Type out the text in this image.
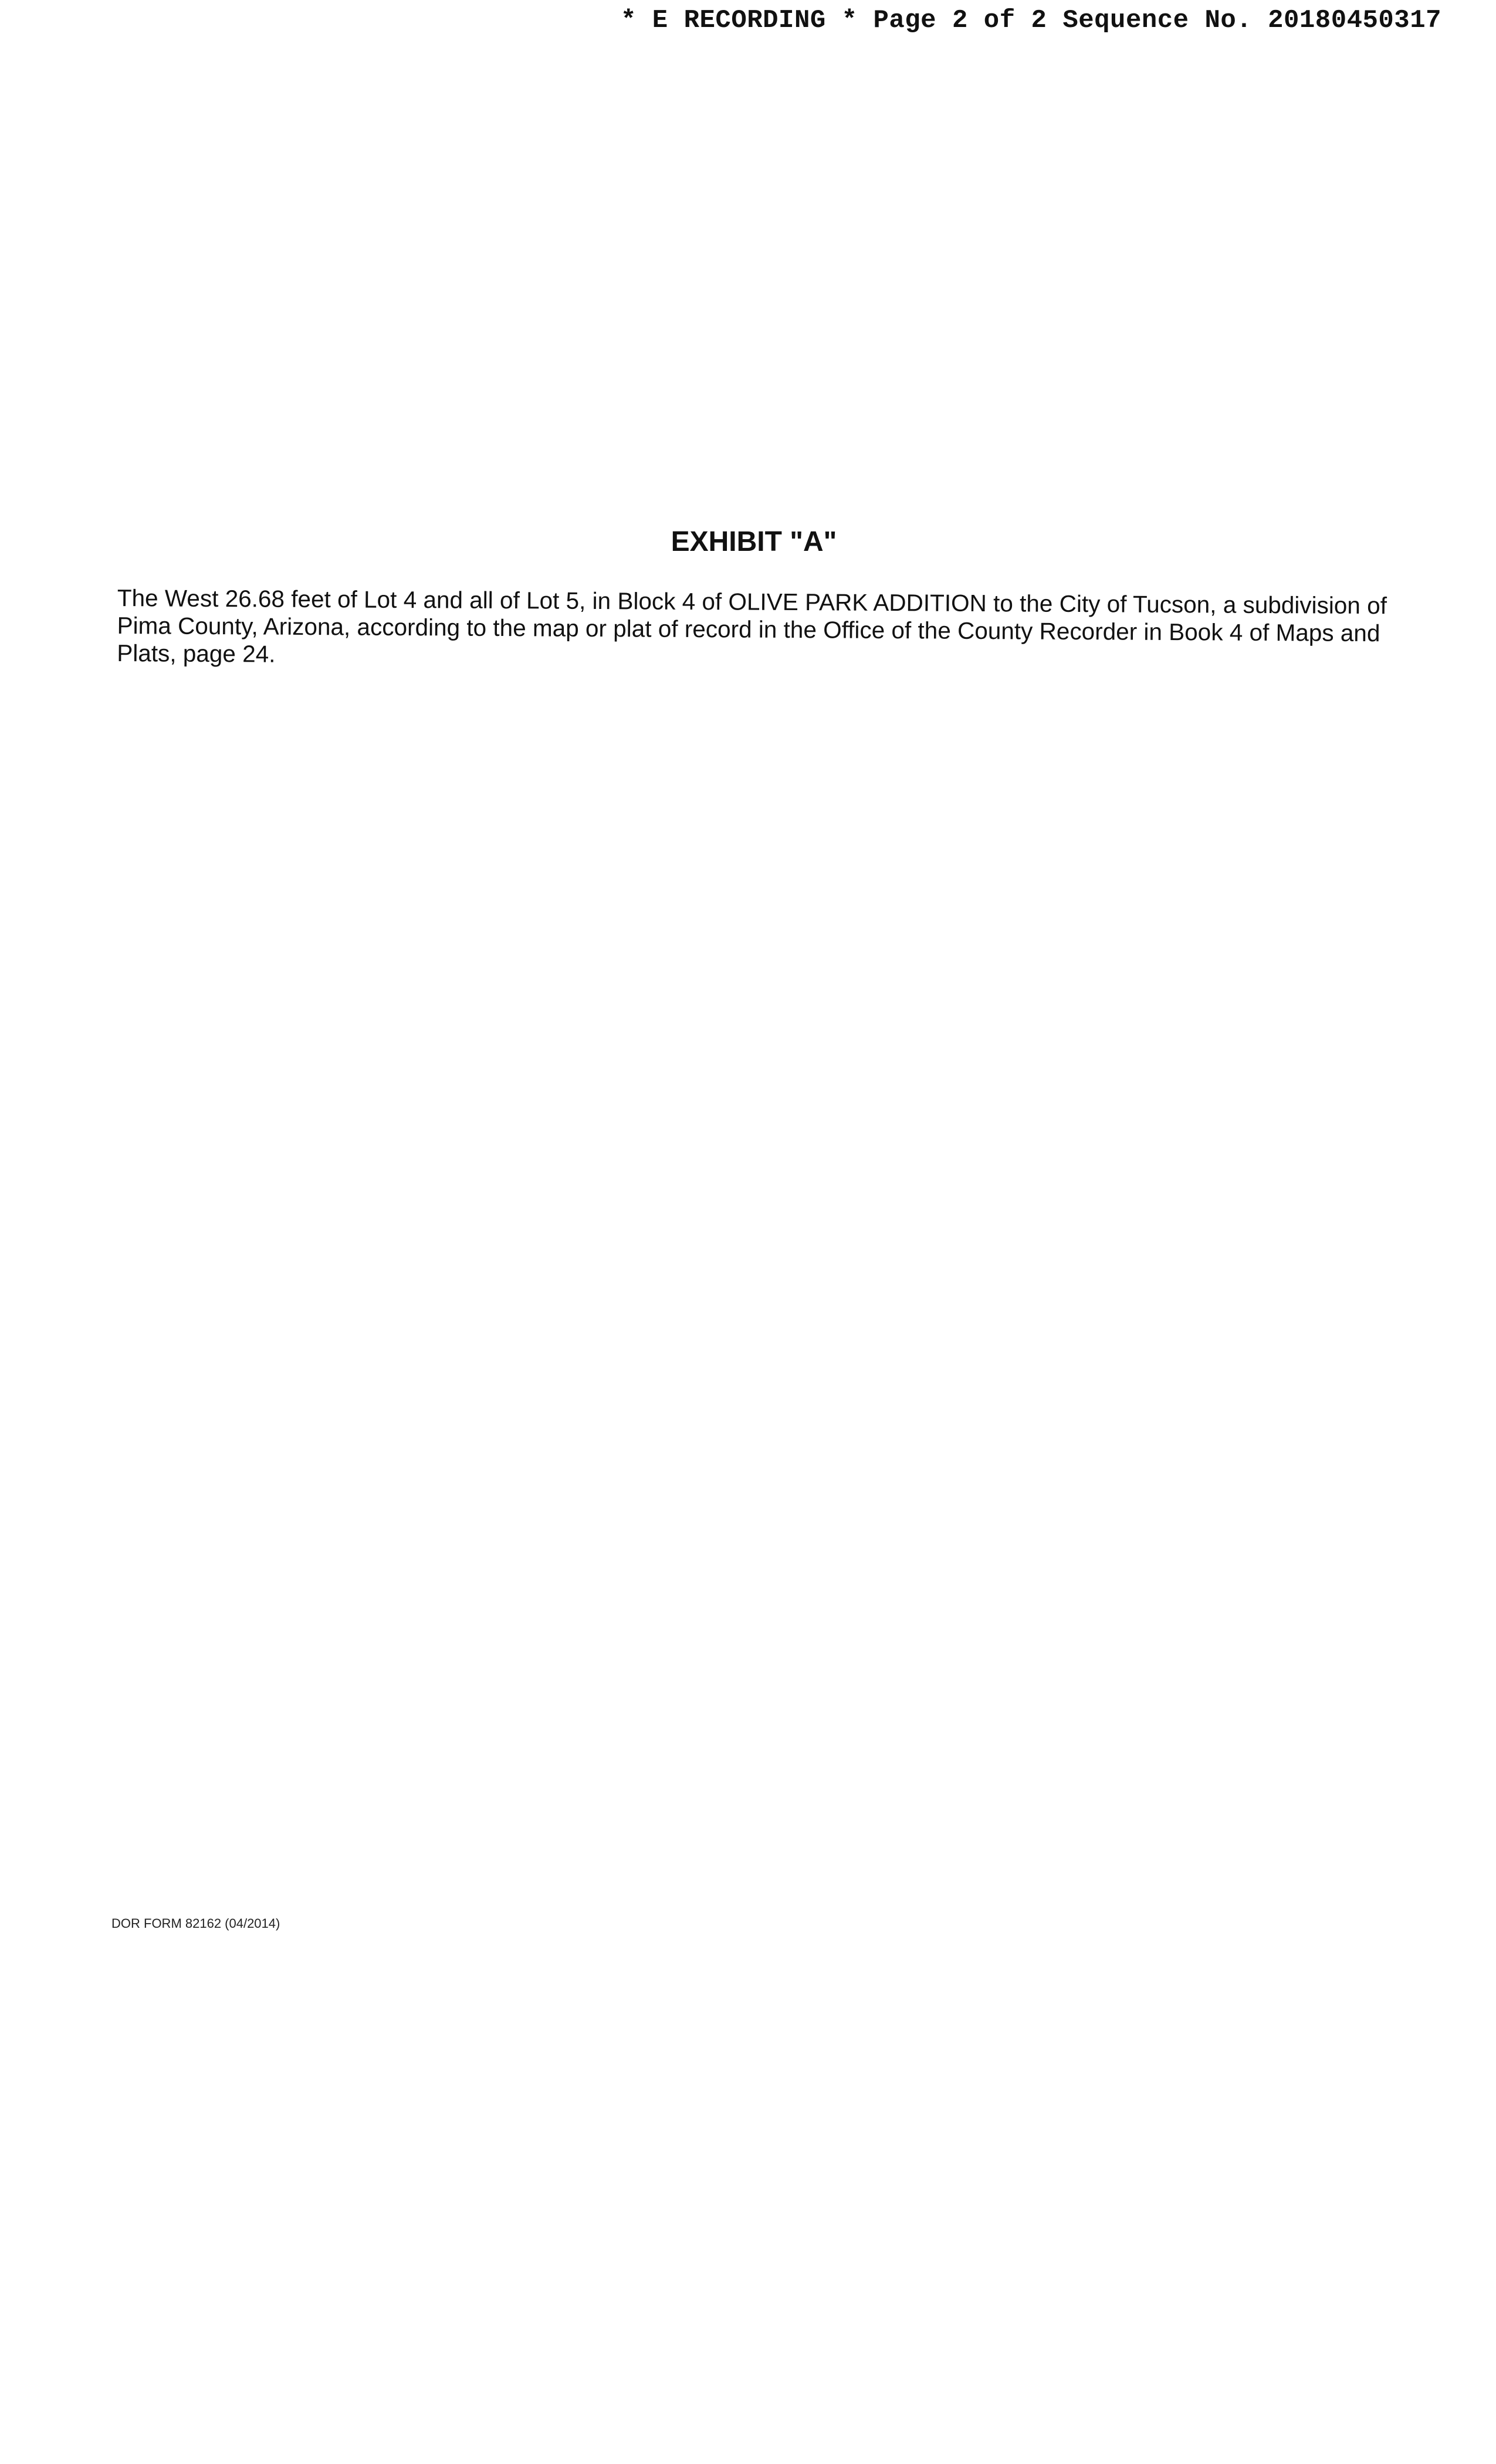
* E RECORDING * Page 2 of 2 Sequence No. 20180450317
EXHIBIT "A"
The West 26.68 feet of Lot 4 and all of Lot 5, in Block 4 of OLIVE PARK ADDITION to the City of Tucson, a subdivision of Pima County, Arizona, according to the map or plat of record in the Office of the County Recorder in Book 4 of Maps and Plats, page 24.
DOR FORM 82162 (04/2014)
